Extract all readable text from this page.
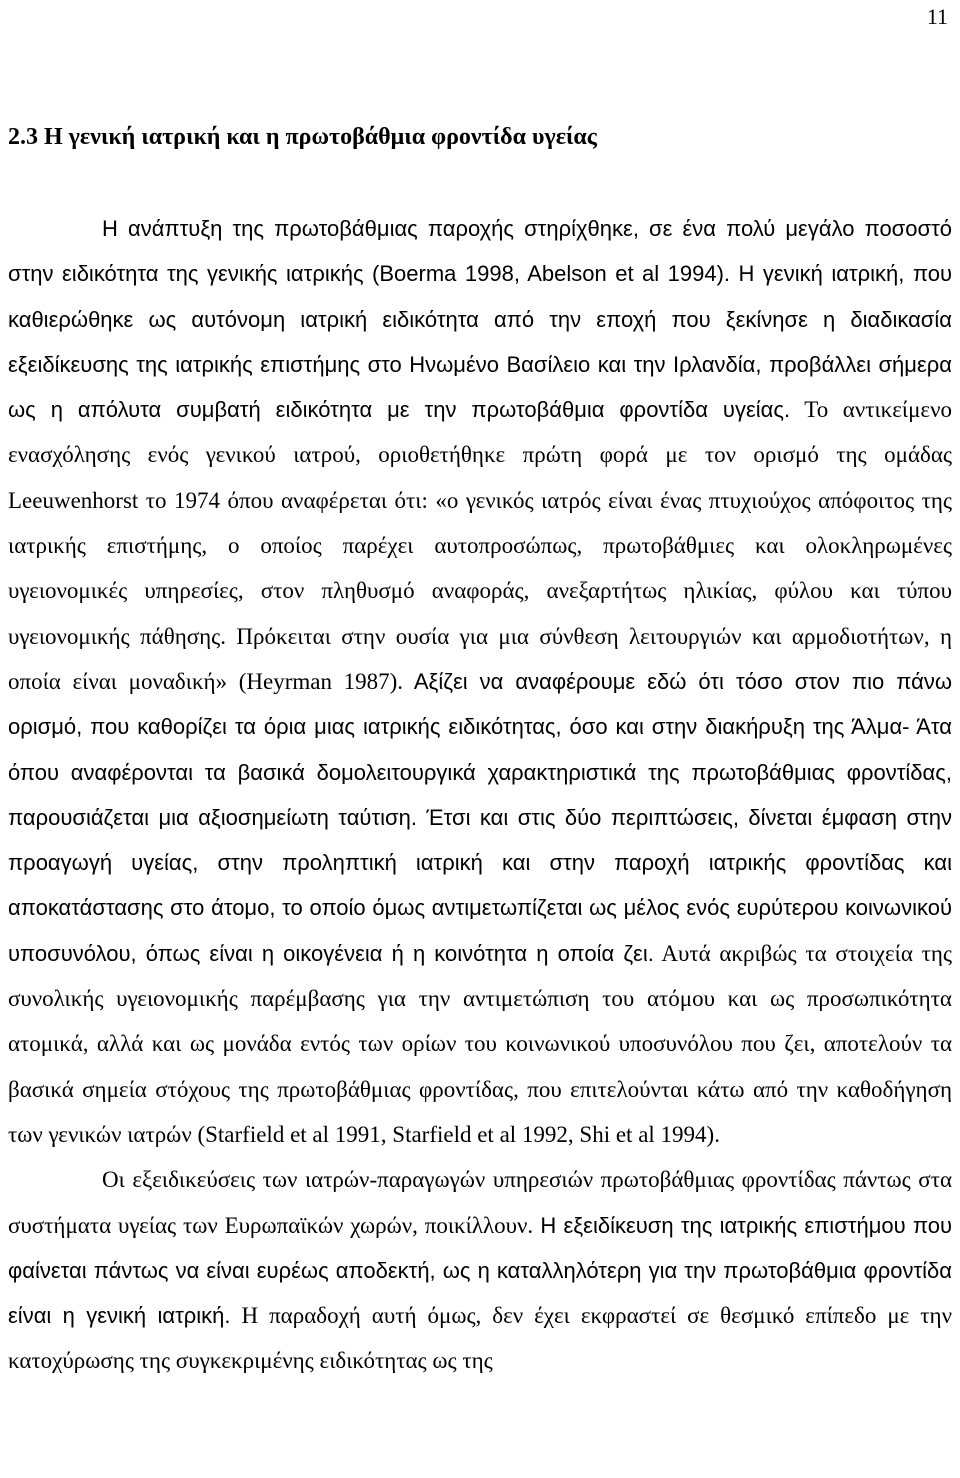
11
2.3 Η γενική ιατρική και η πρωτοβάθμια φροντίδα υγείας

Η ανάπτυξη της πρωτοβάθμιας παροχής στηρίχθηκε, σε ένα πολύ μεγάλο ποσοστό στην ειδικότητα της γενικής ιατρικής (Boerma 1998, Abelson et al 1994). Η γενική ιατρική, που καθιερώθηκε ως αυτόνομη ιατρική ειδικότητα από την εποχή που ξεκίνησε η διαδικασία εξειδίκευσης της ιατρικής επιστήμης στο Ηνωμένο Βασίλειο και την Ιρλανδία, προβάλλει σήμερα ως η απόλυτα συμβατή ειδικότητα με την πρωτοβάθμια φροντίδα υγείας. Το αντικείμενο ενασχόλησης ενός γενικού ιατρού, οριοθετήθηκε πρώτη φορά με τον ορισμό της ομάδας Leeuwenhorst το 1974 όπου αναφέρεται ότι: «ο γενικός ιατρός είναι ένας πτυχιούχος απόφοιτος της ιατρικής επιστήμης, ο οποίος παρέχει αυτοπροσώπως, πρωτοβάθμιες και ολοκληρωμένες υγειονομικές υπηρεσίες, στον πληθυσμό αναφοράς, ανεξαρτήτως ηλικίας, φύλου και τύπου υγειονομικής πάθησης. Πρόκειται στην ουσία για μια σύνθεση λειτουργιών και αρμοδιοτήτων, η οποία είναι μοναδική» (Heyrman 1987). Αξίζει να αναφέρουμε εδώ ότι τόσο στον πιο πάνω ορισμό, που καθορίζει τα όρια μιας ιατρικής ειδικότητας, όσο και στην διακήρυξη της Άλμα- Άτα όπου αναφέρονται τα βασικά δομολειτουργικά χαρακτηριστικά της πρωτοβάθμιας φροντίδας, παρουσιάζεται μια αξιοσημείωτη ταύτιση. Έτσι και στις δύο περιπτώσεις, δίνεται έμφαση στην προαγωγή υγείας, στην προληπτική ιατρική και στην παροχή ιατρικής φροντίδας και αποκατάστασης στο άτομο, το οποίο όμως αντιμετωπίζεται ως μέλος ενός ευρύτερου κοινωνικού υποσυνόλου, όπως είναι η οικογένεια ή η κοινότητα η οποία ζει. Αυτά ακριβώς τα στοιχεία της συνολικής υγειονομικής παρέμβασης για την αντιμετώπιση του ατόμου και ως προσωπικότητα ατομικά, αλλά και ως μονάδα εντός των ορίων του κοινωνικού υποσυνόλου που ζει, αποτελούν τα βασικά σημεία στόχους της πρωτοβάθμιας φροντίδας, που επιτελούνται κάτω από την καθοδήγηση των γενικών ιατρών (Starfield et al 1991, Starfield et al 1992, Shi et al 1994).

Οι εξειδικεύσεις των ιατρών-παραγωγών υπηρεσιών πρωτοβάθμιας φροντίδας πάντως στα συστήματα υγείας των Ευρωπαϊκών χωρών, ποικίλλουν. Η εξειδίκευση της ιατρικής επιστήμου που φαίνεται πάντως να είναι ευρέως αποδεκτή, ως η καταλληλότερη για την πρωτοβάθμια φροντίδα είναι η γενική ιατρική. Η παραδοχή αυτή όμως, δεν έχει εκφραστεί σε θεσμικό επίπεδο με την κατοχύρωσης της συγκεκριμένης ειδικότητας ως της
